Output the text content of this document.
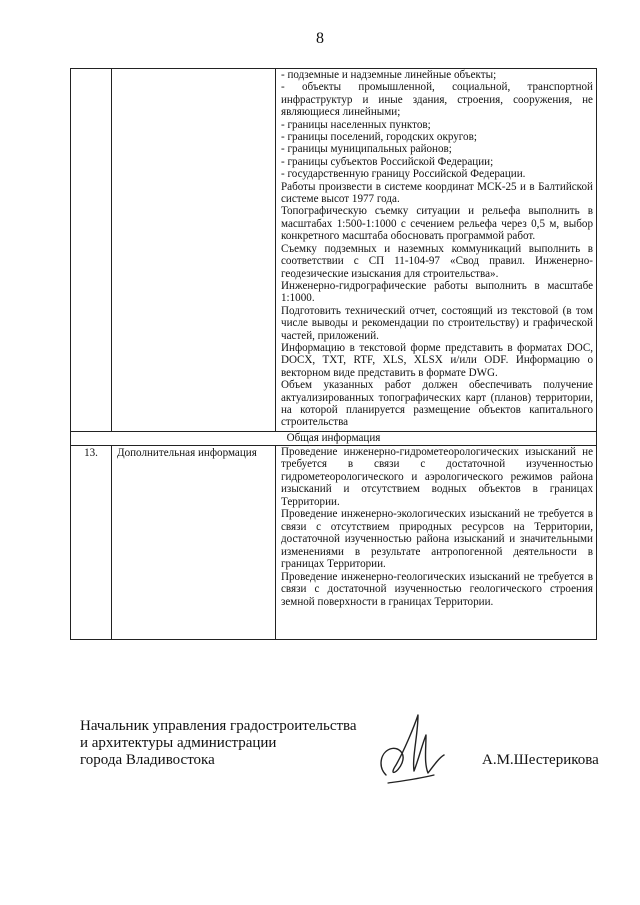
8

- подземные и надземные линейные объекты;

- объекты промышленной, социальной, транспортной инфраструктур и иные здания, строения, сооружения, не являющиеся линейными;

- границы населенных пунктов;

- границы поселений, городских округов;

- границы муниципальных районов;

- границы субъектов Российской Федерации;

- государственную границу Российской Федерации.

Работы произвести в системе координат МСК-25 и в Балтийской системе высот 1977 года.

Топографическую съемку ситуации и рельефа выполнить в масштабах 1:500-1:1000 с сечением рельефа через 0,5 м, выбор конкретного масштаба обосновать программой работ.

Съемку подземных и наземных коммуникаций выполнить в соответствии с СП 11-104-97 «Свод правил. Инженерно-геодезические изыскания для строительства».

Инженерно-гидрографические работы выполнить в масштабе 1:1000.

Подготовить технический отчет, состоящий из текстовой (в том числе выводы и рекомендации по строительству) и графической частей, приложений.

Информацию в текстовой форме представить в форматах DOC, DOCX, TXT, RTF, XLS, XLSX и/или ODF. Информацию о векторном виде представить в формате DWG.

Объем указанных работ должен обеспечивать получение актуализированных топографических карт (планов) территории, на которой планируется размещение объектов капитального строительства

Общая информация
13.	Дополнительная информация	Проведение инженерно-гидрометеорологических изысканий не требуется в связи с достаточной изученностью гидрометеорологического и аэрологического режимов района изысканий и отсутствием водных объектов в границах Территории.

Проведение инженерно-экологических изысканий не требуется в связи с отсутствием природных ресурсов на Территории, достаточной изученностью района изысканий и значительными изменениями в результате антропогенной деятельности в границах Территории.

Проведение инженерно-геологических изысканий не требуется в связи с достаточной изученностью геологического строения земной поверхности в границах Территории.

Начальник управления градостроительства
и архитектуры администрации
города Владивостока	А.М.Шестерикова
